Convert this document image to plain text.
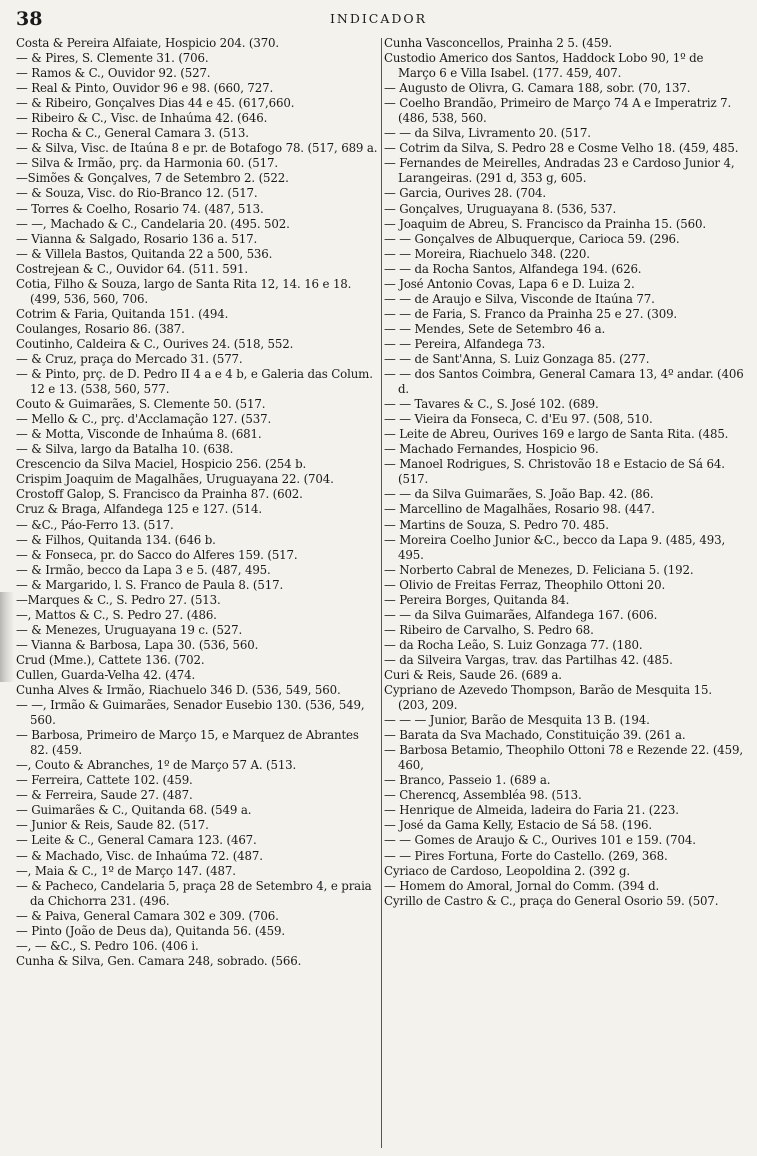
38	INDICADOR
Costa & Pereira Alfaiate, Hospicio 204. (370.
— & Pires, S. Clemente 31. (706.
— Ramos & C., Ouvidor 92. (527.
— Real & Pinto, Ouvidor 96 e 98. (660, 727.
— & Ribeiro, Gonçalves Dias 44 e 45. (617,660.
— Ribeiro & C., Visc. de Inhaúma 42. (646.
— Rocha & C., General Camara 3. (513.
— & Silva, Visc. de Itaúna 8 e pr. de Botafogo 78. (517, 689 a.
— Silva & Irmão, prç. da Harmonia 60. (517.
—Simões & Gonçalves, 7 de Setembro 2. (522.
— & Souza, Visc. do Rio-Branco 12. (517.
— Torres & Coelho, Rosario 74. (487, 513.
— —, Machado & C., Candelaria 20. (495. 502.
— Vianna & Salgado, Rosario 136 a. 517.
— & Villela Bastos, Quitanda 22 a 500, 536.
Costrejean & C., Ouvidor 64. (511. 591.
Cotia, Filho & Souza, largo de Santa Rita 12, 14. 16 e 18. (499, 536, 560, 706.
Cotrim & Faria, Quitanda 151. (494.
Coulanges, Rosario 86. (387.
Coutinho, Caldeira & C., Ourives 24. (518, 552.
— & Cruz, praça do Mercado 31. (577.
— & Pinto, prç. de D. Pedro II 4 a e 4 b, e Galeria das Colum. 12 e 13. (538, 560, 577.
Couto & Guimarães, S. Clemente 50. (517.
— Mello & C., prç. d'Acclamação 127. (537.
— & Motta, Visconde de Inhaúma 8. (681.
— & Silva, largo da Batalha 10. (638.
Crescencio da Silva Maciel, Hospicio 256. (254 b.
Crispim Joaquim de Magalhães, Uruguayana 22. (704.
Crostoff Galop, S. Francisco da Prainha 87. (602.
Cruz & Braga, Alfandega 125 e 127. (514.
— &C., Páo-Ferro 13. (517.
— & Filhos, Quitanda 134. (646 b.
— & Fonseca, pr. do Sacco do Alferes 159. (517.
— & Irmão, becco da Lapa 3 e 5. (487, 495.
— & Margarido, l. S. Franco de Paula 8. (517.
—Marques & C., S. Pedro 27. (513.
—, Mattos & C., S. Pedro 27. (486.
— & Menezes, Uruguayana 19 c. (527.
— Vianna & Barbosa, Lapa 30. (536, 560.
Crud (Mme.), Cattete 136. (702.
Cullen, Guarda-Velha 42. (474.
Cunha Alves & Irmão, Riachuelo 346 D. (536, 549, 560.
— —, Irmão & Guimarães, Senador Eusebio 130. (536, 549, 560.
— Barbosa, Primeiro de Março 15, e Marquez de Abrantes 82. (459.
—, Couto & Abranches, 1º de Março 57 A. (513.
— Ferreira, Cattete 102. (459.
— & Ferreira, Saude 27. (487.
— Guimarães & C., Quitanda 68. (549 a.
— Junior & Reis, Saude 82. (517.
— Leite & C., General Camara 123. (467.
— & Machado, Visc. de Inhaúma 72. (487.
—, Maia & C., 1º de Março 147. (487.
— & Pacheco, Candelaria 5, praça 28 de Setembro 4, e praia da Chichorra 231. (496.
— & Paiva, General Camara 302 e 309. (706.
— Pinto (João de Deus da), Quitanda 56. (459.
—, — &C., S. Pedro 106. (406 i.
Cunha & Silva, Gen. Camara 248, sobrado. (566.
Cunha Vasconcellos, Prainha 2 5. (459.
Custodio Americo dos Santos, Haddock Lobo 90, 1º de Março 6 e Villa Isabel. (177. 459, 407.
— Augusto de Olivra, G. Camara 188, sobr. (70, 137.
— Coelho Brandão, Primeiro de Março 74 A e Imperatriz 7. (486, 538, 560.
— — da Silva, Livramento 20. (517.
— Cotrim da Silva, S. Pedro 28 e Cosme Velho 18. (459, 485.
— Fernandes de Meirelles, Andradas 23 e Cardoso Junior 4, Larangeiras. (291 d, 353 g, 605.
— Garcia, Ourives 28. (704.
— Gonçalves, Uruguayana 8. (536, 537.
— Joaquim de Abreu, S. Francisco da Prainha 15. (560.
— — Gonçalves de Albuquerque, Carioca 59. (296.
— — Moreira, Riachuelo 348. (220.
— — da Rocha Santos, Alfandega 194. (626.
— José Antonio Covas, Lapa 6 e D. Luiza 2.
— — de Araujo e Silva, Visconde de Itaúna 77.
— — de Faria, S. Franco da Prainha 25 e 27. (309.
— — Mendes, Sete de Setembro 46 a.
— — Pereira, Alfandega 73.
— — de Sant'Anna, S. Luiz Gonzaga 85. (277.
— — dos Santos Coimbra, General Camara 13, 4º andar. (406 d.
— — Tavares & C., S. José 102. (689.
— — Vieira da Fonseca, C. d'Eu 97. (508, 510.
— Leite de Abreu, Ourives 169 e largo de Santa Rita. (485.
— Machado Fernandes, Hospicio 96.
— Manoel Rodrigues, S. Christovão 18 e Estacio de Sá 64. (517.
— — da Silva Guimarães, S. João Bap. 42. (86.
— Marcellino de Magalhães, Rosario 98. (447.
— Martins de Souza, S. Pedro 70. 485.
— Moreira Coelho Junior &C., becco da Lapa 9. (485, 493, 495.
— Norberto Cabral de Menezes, D. Feliciana 5. (192.
— Olivio de Freitas Ferraz, Theophilo Ottoni 20.
— Pereira Borges, Quitanda 84.
— — da Silva Guimarães, Alfandega 167. (606.
— Ribeiro de Carvalho, S. Pedro 68.
— da Rocha Leão, S. Luiz Gonzaga 77. (180.
— da Silveira Vargas, trav. das Partilhas 42. (485.
Curi & Reis, Saude 26. (689 a.
Cypriano de Azevedo Thompson, Barão de Mesquita 15. (203, 209.
— — — Junior, Barão de Mesquita 13 B. (194.
— Barata da Sva Machado, Constituição 39. (261 a.
— Barbosa Betamio, Theophilo Ottoni 78 e Rezende 22. (459, 460,
— Branco, Passeio 1. (689 a.
— Cherencq, Assembléa 98. (513.
— Henrique de Almeida, ladeira do Faria 21. (223.
— José da Gama Kelly, Estacio de Sá 58. (196.
— — Gomes de Araujo & C., Ourives 101 e 159. (704.
— — Pires Fortuna, Forte do Castello. (269, 368.
Cyriaco de Cardoso, Leopoldina 2. (392 g.
— Homem do Amoral, Jornal do Comm. (394 d.
Cyrillo de Castro & C., praça do General Osorio 59. (507.
